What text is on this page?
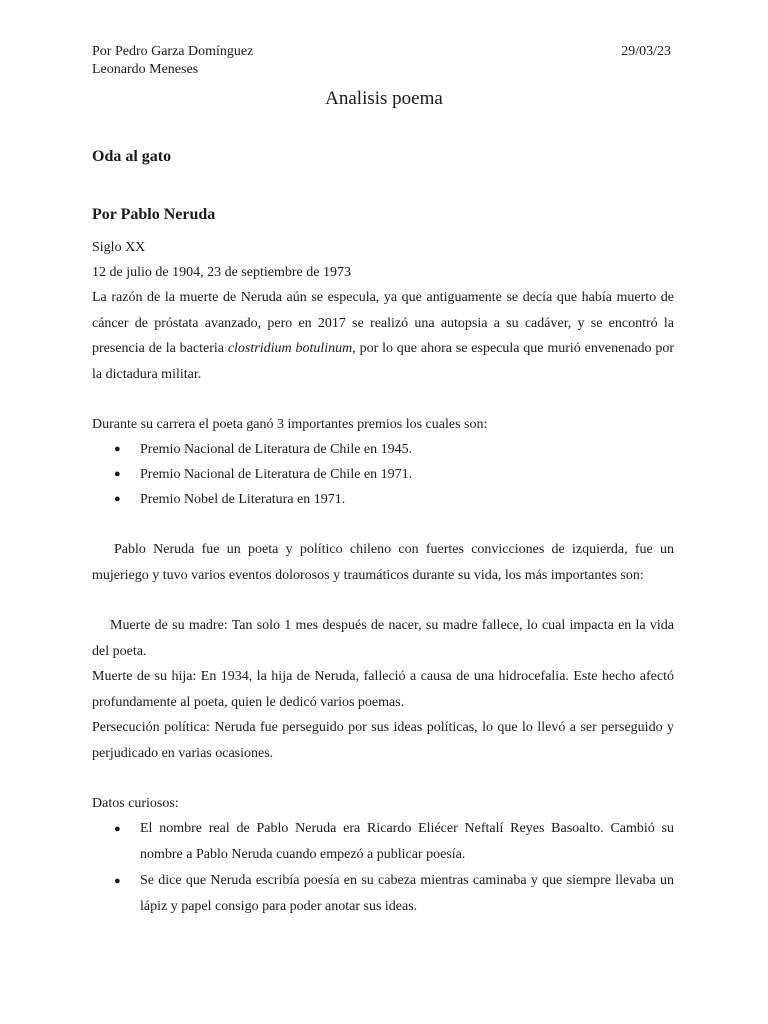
Por Pedro Garza Domínguez
Leonardo Meneses
29/03/23
Analisis poema
Oda al gato
Por Pablo Neruda

Siglo XX

12 de julio de 1904, 23 de septiembre de 1973

La razón de la muerte de Neruda aún se especula, ya que antiguamente se decía que había muerto de cáncer de próstata avanzado, pero en 2017 se realizó una autopsia a su cadáver, y se encontró la presencia de la bacteria clostridium botulinum, por lo que ahora se especula que murió envenenado por la dictadura militar.

Durante su carrera el poeta ganó 3 importantes premios los cuales son:

● Premio Nacional de Literatura de Chile en 1945.
● Premio Nacional de Literatura de Chile en 1971.
● Premio Nobel de Literatura en 1971.

Pablo Neruda fue un poeta y político chileno con fuertes convicciones de izquierda, fue un mujeriego y tuvo varios eventos dolorosos y traumáticos durante su vida, los más importantes son:

Muerte de su madre: Tan solo 1 mes después de nacer, su madre fallece, lo cual impacta en la vida del poeta.

Muerte de su hija: En 1934, la hija de Neruda, falleció a causa de una hidrocefalia. Este hecho afectó profundamente al poeta, quien le dedicó varios poemas.

Persecución política: Neruda fue perseguido por sus ideas políticas, lo que lo llevó a ser perseguido y perjudicado en varias ocasiones.

Datos curiosos:

● El nombre real de Pablo Neruda era Ricardo Eliécer Neftalí Reyes Basoalto. Cambió su nombre a Pablo Neruda cuando empezó a publicar poesía.
● Se dice que Neruda escribía poesía en su cabeza mientras caminaba y que siempre llevaba un lápiz y papel consigo para poder anotar sus ideas.
